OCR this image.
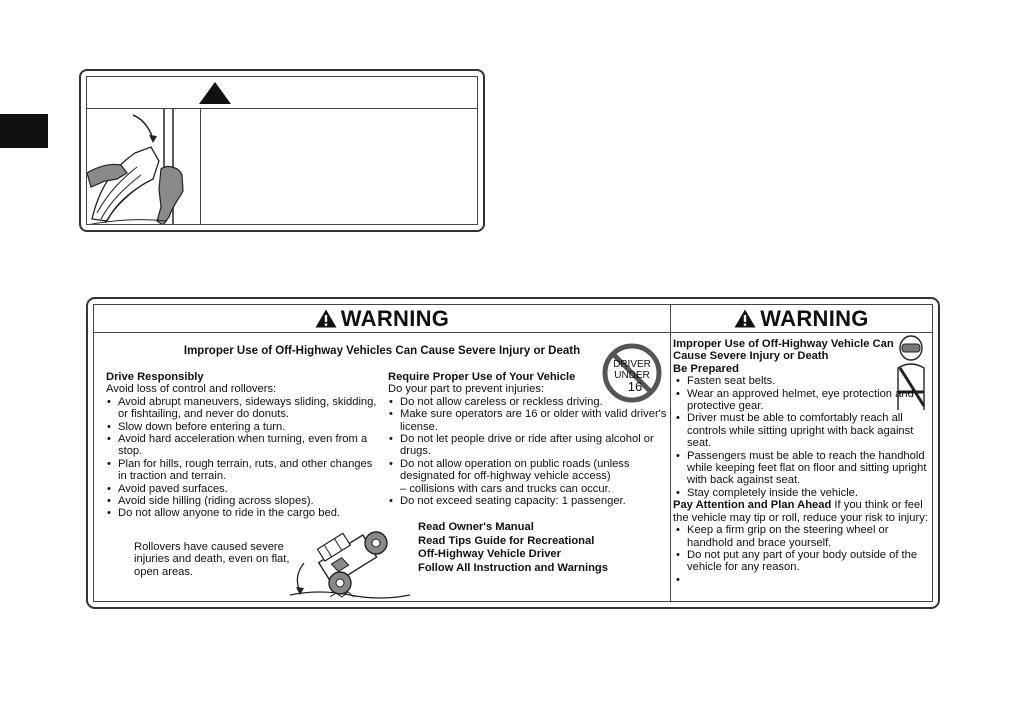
WARNING
Improper Use of Off-Highway Vehicles Can Cause Severe Injury or Death
Drive Responsibly
Avoid loss of control and rollovers:
• Avoid abrupt maneuvers, sideways sliding, skidding, or fishtailing, and never do donuts.
• Slow down before entering a turn.
• Avoid hard acceleration when turning, even from a stop.
• Plan for hills, rough terrain, ruts, and other changes in traction and terrain.
• Avoid paved surfaces.
• Avoid side hilling (riding across slopes).
• Do not allow anyone to ride in the cargo bed.
Require Proper Use of Your Vehicle
Do your part to prevent injuries:
• Do not allow careless or reckless driving.
• Make sure operators are 16 or older with valid driver's license.
• Do not let people drive or ride after using alcohol or drugs.
• Do not allow operation on public roads (unless designated for off-highway vehicle access)
– collisions with cars and trucks can occur.
• Do not exceed seating capacity: 1 passenger.
DRIVER
UNDER
16
Rollovers have caused severe injuries and death, even on flat, open areas.
Read Owner's Manual
Read Tips Guide for Recreational
Off-Highway Vehicle Driver
Follow All Instruction and Warnings
WARNING
Improper Use of Off-Highway Vehicle Can
Cause Severe Injury or Death
Be Prepared
• Fasten seat belts.
• Wear an approved helmet, eye protection and protective gear.
• Driver must be able to comfortably reach all controls while sitting upright with back against seat.
• Passengers must be able to reach the handhold while keeping feet flat on floor and sitting upright with back against seat.
• Stay completely inside the vehicle.
Pay Attention and Plan Ahead If you think or feel the vehicle may tip or roll, reduce your risk to injury:
• Keep a firm grip on the steering wheel or handhold and brace yourself.
• Do not put any part of your body outside of the vehicle for any reason.
